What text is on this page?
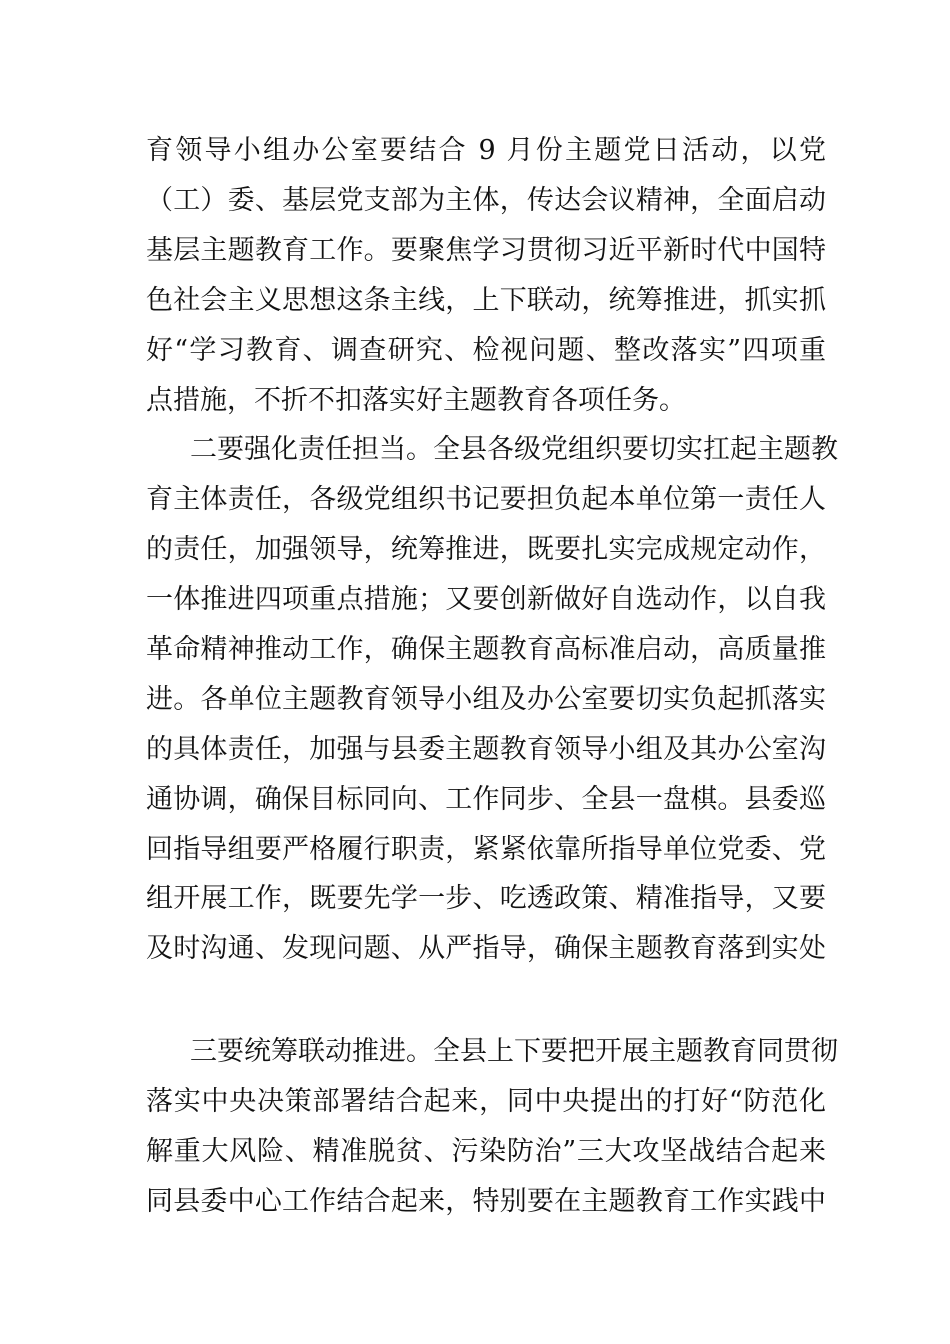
育领导小组办公室要结合 9 月份主题党日活动，以党
（工）委、基层党支部为主体，传达会议精神，全面启动
基层主题教育工作。要聚焦学习贯彻习近平新时代中国特
色社会主义思想这条主线，上下联动，统筹推进，抓实抓
好“学习教育、调查研究、检视问题、整改落实”四项重
点措施，不折不扣落实好主题教育各项任务。
二要强化责任担当。全县各级党组织要切实扛起主题教
育主体责任，各级党组织书记要担负起本单位第一责任人
的责任，加强领导，统筹推进，既要扎实完成规定动作，
一体推进四项重点措施；又要创新做好自选动作，以自我
革命精神推动工作，确保主题教育高标准启动，高质量推
进。各单位主题教育领导小组及办公室要切实负起抓落实
的具体责任，加强与县委主题教育领导小组及其办公室沟
通协调，确保目标同向、工作同步、全县一盘棋。县委巡
回指导组要严格履行职责，紧紧依靠所指导单位党委、党
组开展工作，既要先学一步、吃透政策、精准指导，又要
及时沟通、发现问题、从严指导，确保主题教育落到实处
三要统筹联动推进。全县上下要把开展主题教育同贯彻
落实中央决策部署结合起来，同中央提出的打好“防范化
解重大风险、精准脱贫、污染防治”三大攻坚战结合起来
同县委中心工作结合起来，特别要在主题教育工作实践中
